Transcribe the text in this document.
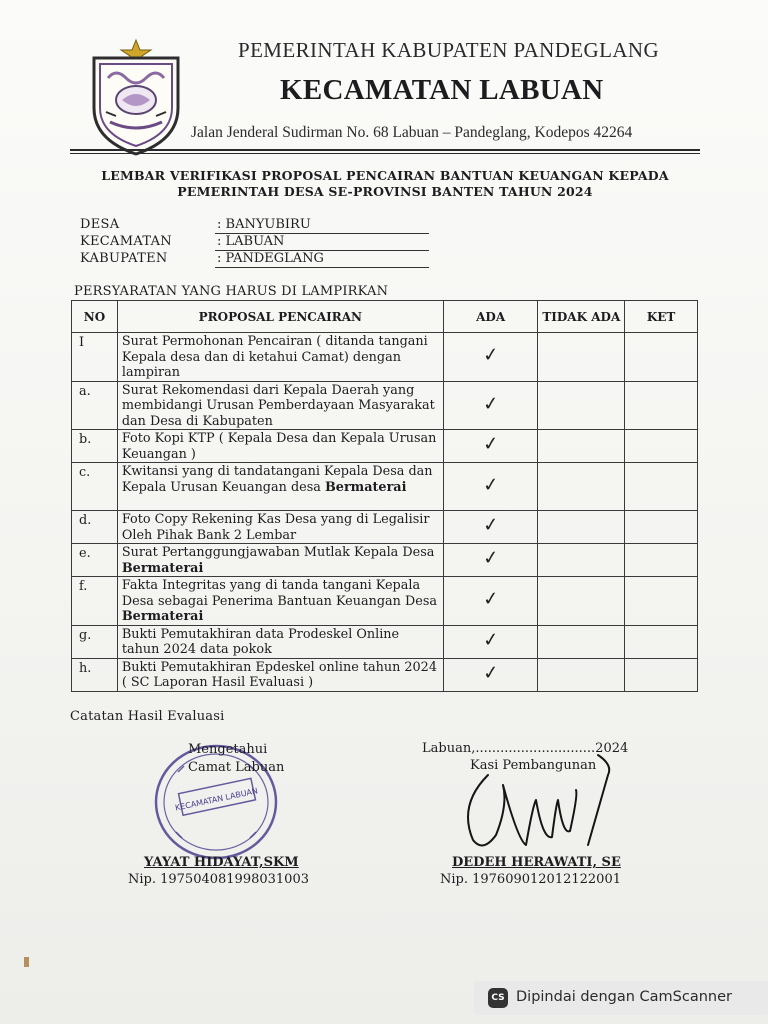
PEMERINTAH KABUPATEN PANDEGLANG
KECAMATAN LABUAN
Jalan Jenderal Sudirman No. 68 Labuan – Pandeglang, Kodepos 42264
LEMBAR VERIFIKASI PROPOSAL PENCAIRAN BANTUAN KEUANGAN KEPADA
PEMERINTAH DESA SE-PROVINSI BANTEN TAHUN 2024
DESA	: BANYUBIRU
KECAMATAN	: LABUAN
KABUPATEN	: PANDEGLANG
PERSYARATAN YANG HARUS DI LAMPIRKAN
NO	PROPOSAL PENCAIRAN	ADA	TIDAK ADA	KET
I	Surat Permohonan Pencairan ( ditanda tangani Kepala desa dan di ketahui Camat) dengan lampiran	✓		
a.	Surat Rekomendasi dari Kepala Daerah yang membidangi Urusan Pemberdayaan Masyarakat dan Desa di Kabupaten	✓		
b.	Foto Kopi KTP ( Kepala Desa dan Kepala Urusan Keuangan )	✓		
c.	Kwitansi yang di tandatangani Kepala Desa dan Kepala Urusan Keuangan desa Bermaterai	✓		
d.	Foto Copy Rekening Kas Desa yang di Legalisir Oleh Pihak Bank 2 Lembar	✓		
e.	Surat Pertanggungjawaban Mutlak Kepala Desa Bermaterai	✓		
f.	Fakta Integritas yang di tanda tangani Kepala Desa sebagai Penerima Bantuan Keuangan Desa Bermaterai	✓		
g.	Bukti Pemutakhiran data Prodeskel Online tahun 2024 data pokok	✓		
h.	Bukti Pemutakhiran Epdeskel online tahun 2024 ( SC Laporan Hasil Evaluasi )	✓		
Catatan Hasil Evaluasi
KECAMATAN LABUAN
Mengetahui
Camat Labuan
YAYAT HIDAYAT,SKM
Nip. 197504081998031003
Labuan,.............................2024
Kasi Pembangunan
DEDEH HERAWATI, SE
Nip. 197609012012122001
CS Dipindai dengan CamScanner
